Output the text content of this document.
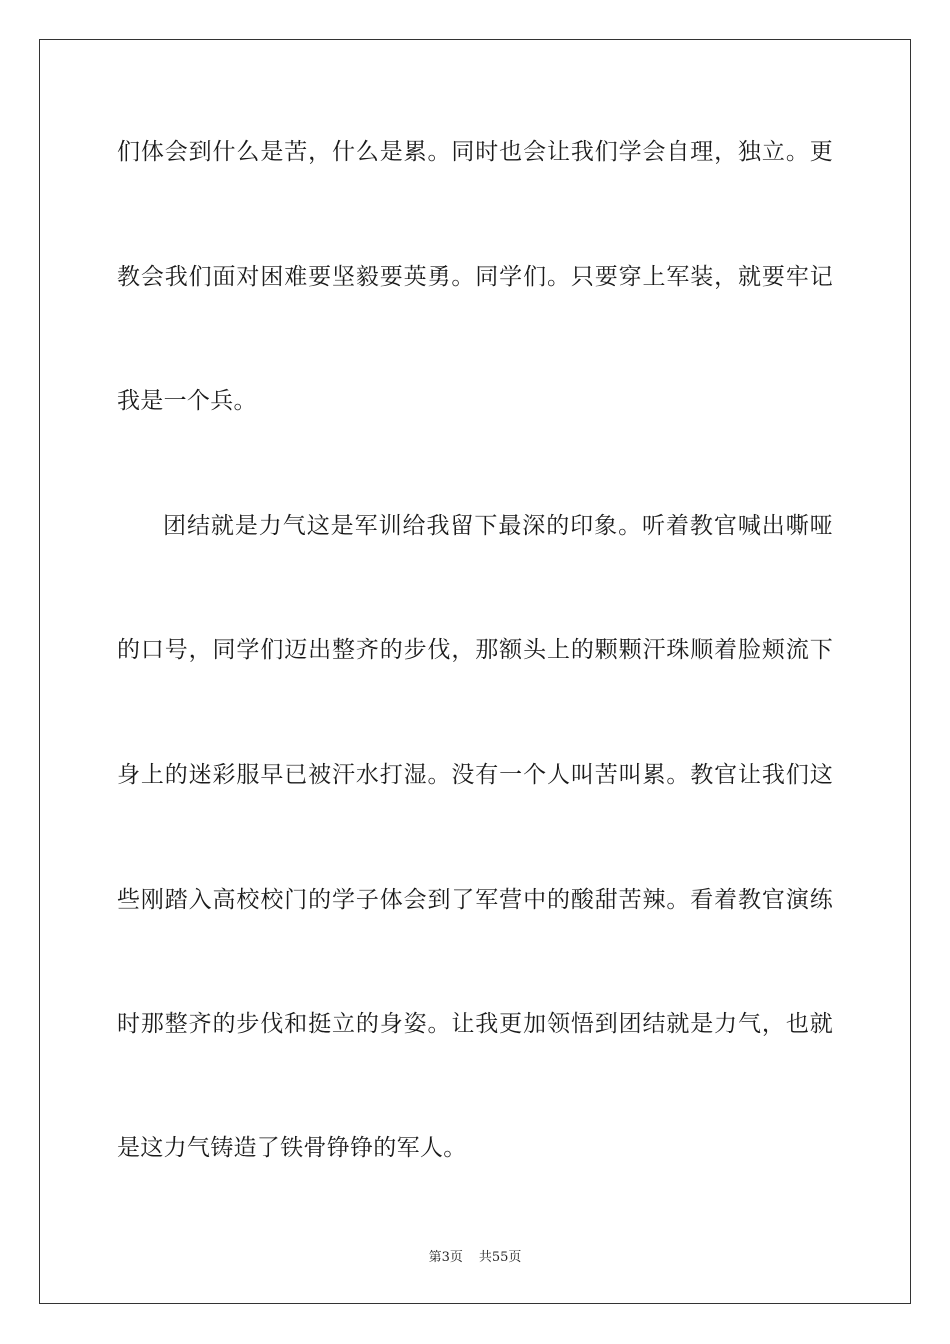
们体会到什么是苦，什么是累。同时也会让我们学会自理，独立。更
教会我们面对困难要坚毅要英勇。同学们。只要穿上军装，就要牢记
我是一个兵。
团结就是力气这是军训给我留下最深的印象。听着教官喊出嘶哑
的口号，同学们迈出整齐的步伐，那额头上的颗颗汗珠顺着脸颊流下
身上的迷彩服早已被汗水打湿。没有一个人叫苦叫累。教官让我们这
些刚踏入高校校门的学子体会到了军营中的酸甜苦辣。看着教官演练
时那整齐的步伐和挺立的身姿。让我更加领悟到团结就是力气，也就
是这力气铸造了铁骨铮铮的军人。
第3页 共55页
